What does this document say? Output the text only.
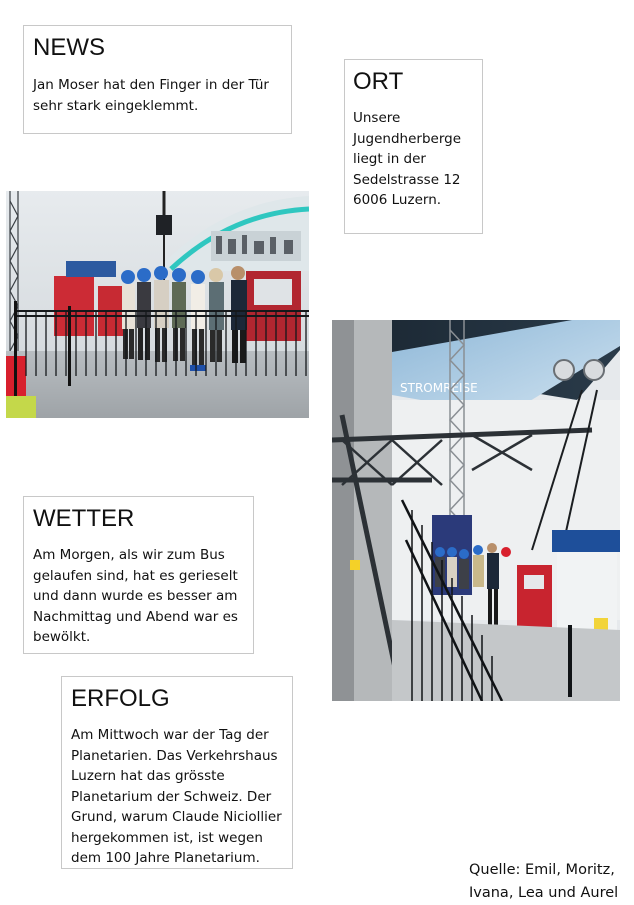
NEWS

Jan Moser hat den Finger in der Tür
sehr stark eingeklemmt.

ORT

Unsere
Jugendherberge
liegt in der
Sedelstrasse 12
6006 Luzern.

STROMREISE
WETTER

Am Morgen, als wir zum Bus
gelaufen sind, hat es gerieselt
und dann wurde es besser am
Nachmittag und Abend war es
bewölkt.

ERFOLG

Am Mittwoch war der Tag der
Planetarien. Das Verkehrshaus
Luzern hat das grösste
Planetarium der Schweiz. Der
Grund, warum Claude Niciollier
hergekommen ist, ist wegen
dem 100 Jahre Planetarium.

Quelle: Emil, Moritz,
Ivana, Lea und Aurel
